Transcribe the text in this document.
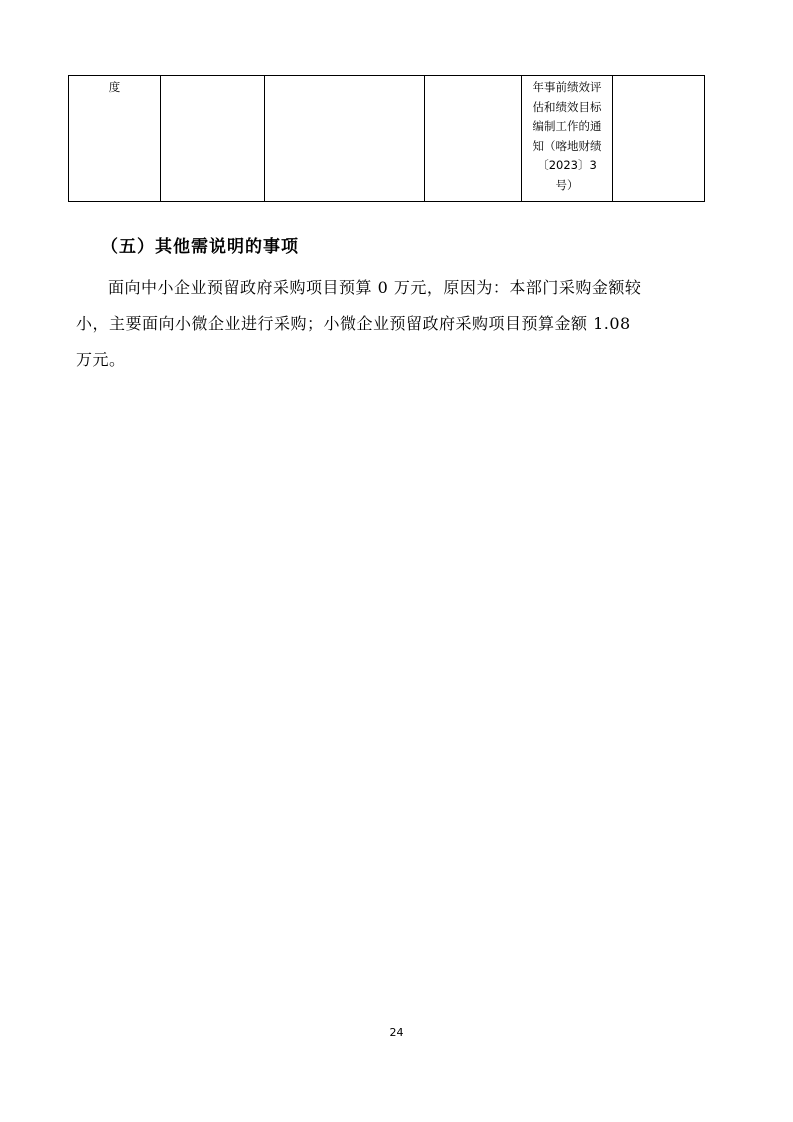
度				年事前绩效评
估和绩效目标
编制工作的通
知（喀地财绩
〔2023〕3
号）

（五）其他需说明的事项
面向中小企业预留政府采购项目预算 0 万元，原因为：本部门采购金额较
小，主要面向小微企业进行采购；小微企业预留政府采购项目预算金额 1.08
万元。
24
